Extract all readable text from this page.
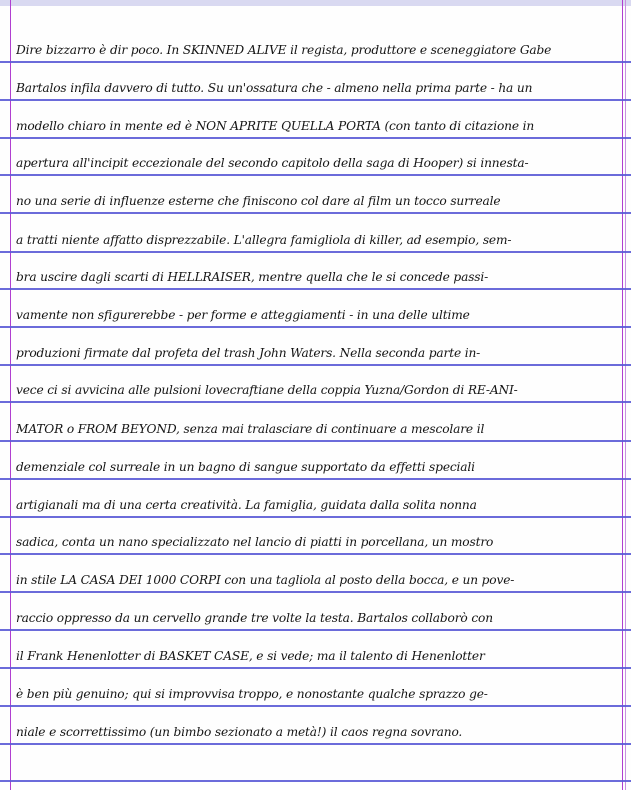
Dire bizzarro è dir poco. In SKINNED ALIVE il regista, produttore e sceneggiatore Gabe
Bartalos infila davvero di tutto. Su un'ossatura che - almeno nella prima parte - ha un
modello chiaro in mente ed è NON APRITE QUELLA PORTA (con tanto di citazione in
apertura all'incipit eccezionale del secondo capitolo della saga di Hooper) si innesta-
no una serie di influenze esterne che finiscono col dare al film un tocco surreale
a tratti niente affatto disprezzabile. L'allegra famigliola di killer, ad esempio, sem-
bra uscire dagli scarti di HELLRAISER, mentre quella che le si concede passi-
vamente non sfigurerebbe - per forme e atteggiamenti - in una delle ultime
produzioni firmate dal profeta del trash John Waters. Nella seconda parte in-
vece ci si avvicina alle pulsioni lovecraftiane della coppia Yuzna/Gordon di RE-ANI-
MATOR o FROM BEYOND, senza mai tralasciare di continuare a mescolare il
demenziale col surreale in un bagno di sangue supportato da effetti speciali
artigianali ma di una certa creatività. La famiglia, guidata dalla solita nonna
sadica, conta un nano specializzato nel lancio di piatti in porcellana, un mostro
in stile LA CASA DEI 1000 CORPI con una tagliola al posto della bocca, e un pove-
raccio oppresso da un cervello grande tre volte la testa. Bartalos collaborò con
il Frank Henenlotter di BASKET CASE, e si vede; ma il talento di Henenlotter
è ben più genuino; qui si improvvisa troppo, e nonostante qualche sprazzo ge-
niale e scorrettissimo (un bimbo sezionato a metà!) il caos regna sovrano.
